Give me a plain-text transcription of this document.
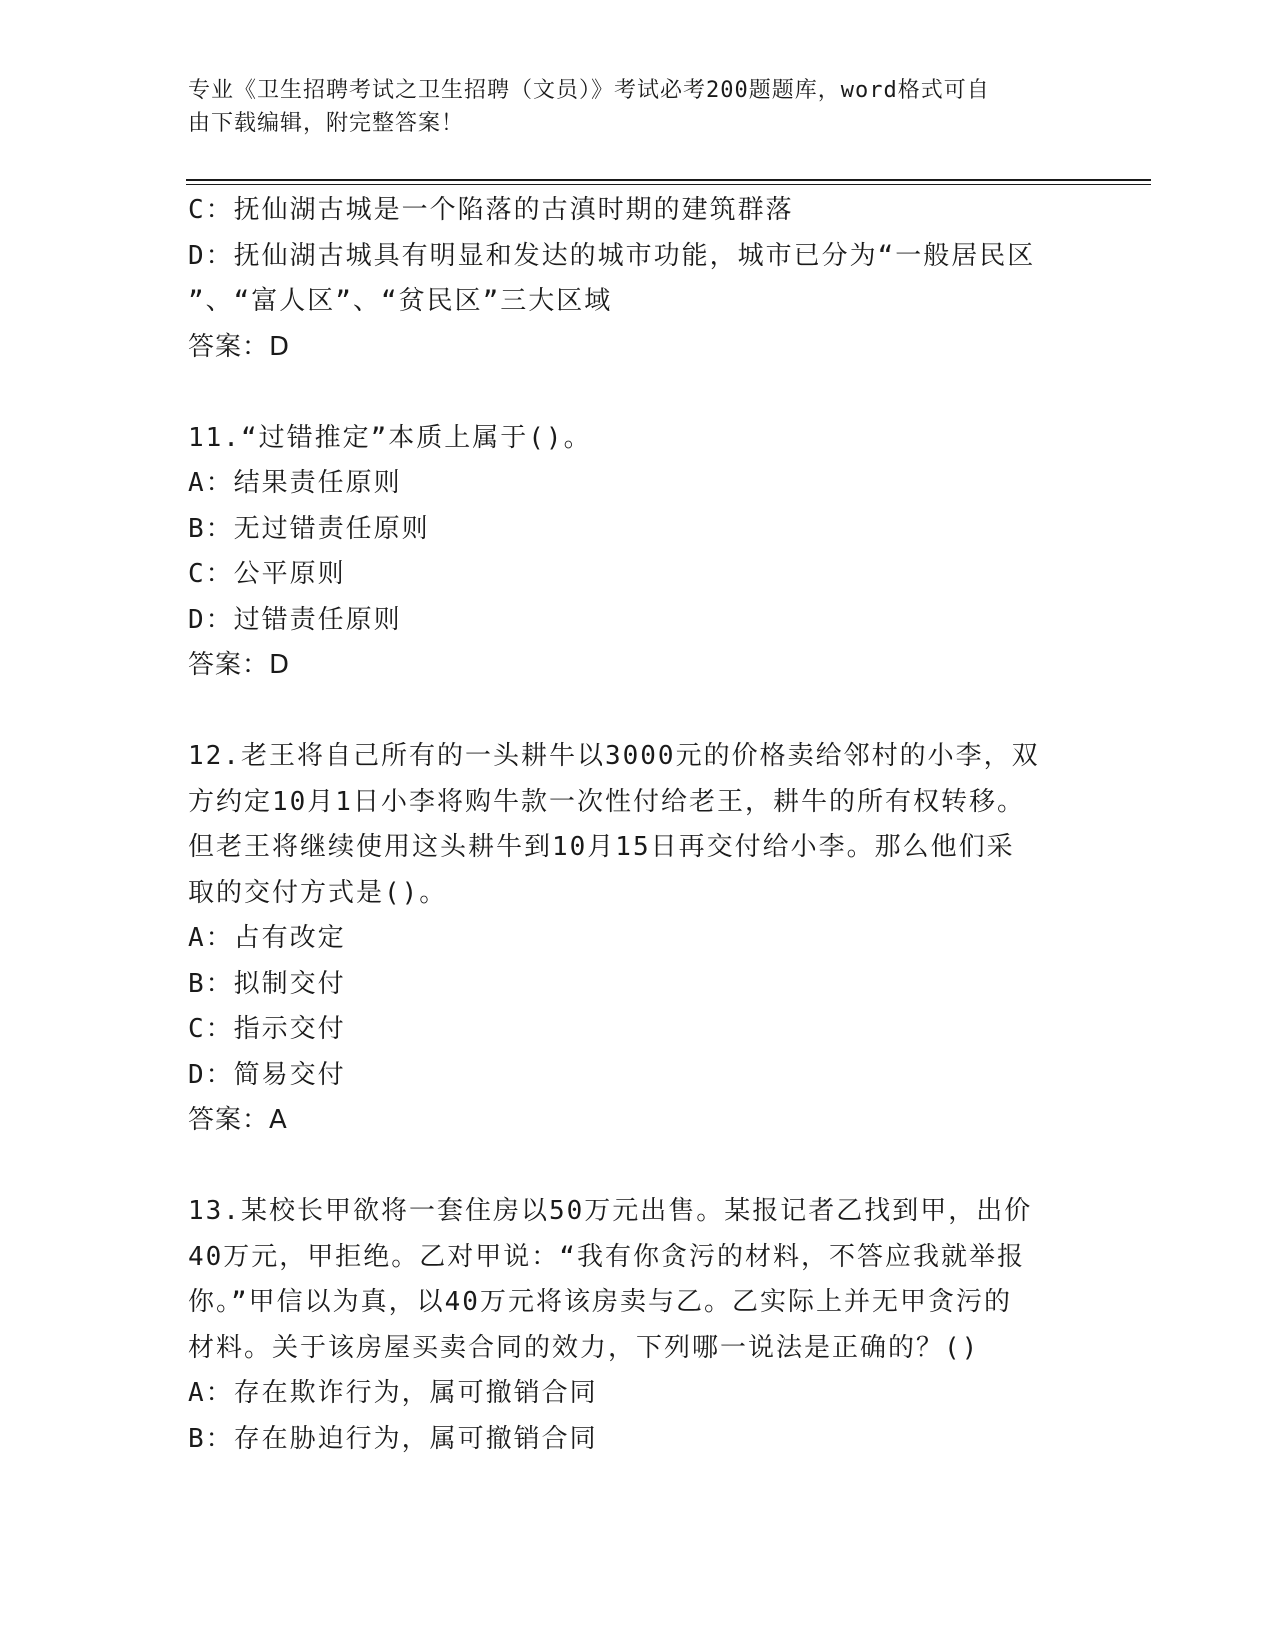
专业《卫生招聘考试之卫生招聘（文员）》考试必考200题题库，word格式可自
由下载编辑，附完整答案！
C：抚仙湖古城是一个陷落的古滇时期的建筑群落
D：抚仙湖古城具有明显和发达的城市功能，城市已分为“一般居民区
”、“富人区”、“贫民区”三大区域
答案：D
11.“过错推定”本质上属于()。
A：结果责任原则
B：无过错责任原则
C：公平原则
D：过错责任原则
答案：D
12.老王将自己所有的一头耕牛以3000元的价格卖给邻村的小李，双
方约定10月1日小李将购牛款一次性付给老王，耕牛的所有权转移。
但老王将继续使用这头耕牛到10月15日再交付给小李。那么他们采
取的交付方式是()。
A：占有改定
B：拟制交付
C：指示交付
D：简易交付
答案：A
13.某校长甲欲将一套住房以50万元出售。某报记者乙找到甲，出价
40万元，甲拒绝。乙对甲说：“我有你贪污的材料，不答应我就举报
你。”甲信以为真，以40万元将该房卖与乙。乙实际上并无甲贪污的
材料。关于该房屋买卖合同的效力，下列哪一说法是正确的？()
A：存在欺诈行为，属可撤销合同
B：存在胁迫行为，属可撤销合同
